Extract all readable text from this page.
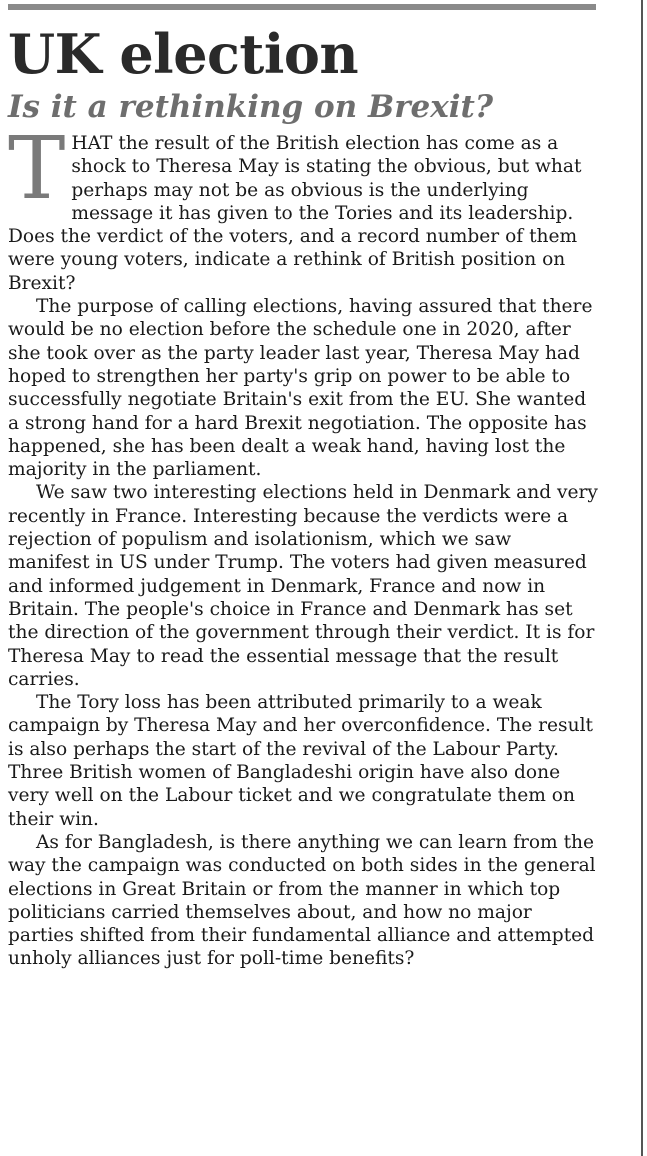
UK election
Is it a rethinking on Brexit?

THAT the result of the British election has come as a shock to Theresa May is stating the obvious, but what perhaps may not be as obvious is the underlying message it has given to the Tories and its leadership. Does the verdict of the voters, and a record number of them were young voters, indicate a rethink of British position on Brexit?

The purpose of calling elections, having assured that there would be no election before the schedule one in 2020, after she took over as the party leader last year, Theresa May had hoped to strengthen her party's grip on power to be able to successfully negotiate Britain's exit from the EU. She wanted a strong hand for a hard Brexit negotiation. The opposite has happened, she has been dealt a weak hand, having lost the majority in the parliament.

We saw two interesting elections held in Denmark and very recently in France. Interesting because the verdicts were a rejection of populism and isolationism, which we saw manifest in US under Trump. The voters had given measured and informed judgement in Denmark, France and now in Britain. The people's choice in France and Denmark has set the direction of the government through their verdict. It is for Theresa May to read the essential message that the result carries.

The Tory loss has been attributed primarily to a weak campaign by Theresa May and her overconfidence. The result is also perhaps the start of the revival of the Labour Party. Three British women of Bangladeshi origin have also done very well on the Labour ticket and we congratulate them on their win.

As for Bangladesh, is there anything we can learn from the way the campaign was conducted on both sides in the general elections in Great Britain or from the manner in which top politicians carried themselves about, and how no major parties shifted from their fundamental alliance and attempted unholy alliances just for poll-time benefits?
